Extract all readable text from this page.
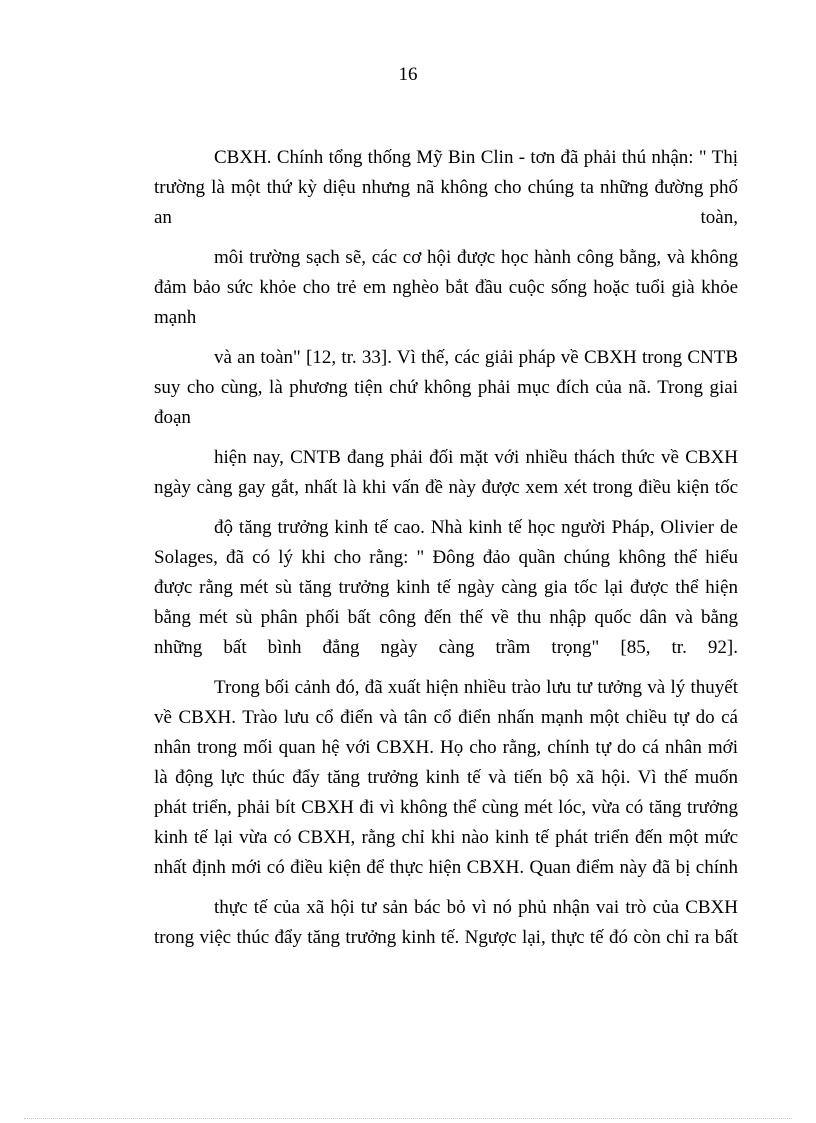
16
CBXH. Chính tổng thống Mỹ Bin Clin - tơn đã phải thú nhận: " Thị
trường là một thứ kỳ diệu nhưng nã không cho chúng ta những đường phố
an	toàn,
môi trường sạch sẽ, các cơ hội được học hành công bằng, và không
đảm bảo sức khỏe cho trẻ em nghèo bắt đầu cuộc sống hoặc tuổi già khỏe
mạnh
và an toàn" [12, tr. 33]. Vì thế, các giải pháp về CBXH trong CNTB
suy cho cùng, là phương tiện chứ không phải mục đích của nã. Trong giai
đoạn
hiện nay, CNTB đang phải đối mặt với nhiều thách thức về CBXH
ngày càng gay gắt, nhất là khi vấn đề này được xem xét trong điều kiện tốc
độ tăng trưởng kinh tế cao. Nhà kinh tế học người Pháp, Olivier de
Solages, đã có lý khi cho rằng: " Đông đảo quần chúng không thể hiểu
được rằng mét sù tăng trưởng kinh tế ngày càng gia tốc lại được thể hiện
bằng mét sù phân phối bất công đến thế về thu nhập quốc dân và bằng
những bất bình đẳng ngày càng trầm trọng" [85, tr. 92].
Trong bối cảnh đó, đã xuất hiện nhiều trào lưu tư tưởng và lý thuyết
về CBXH. Trào lưu cổ điển và tân cổ điển nhấn mạnh một chiều tự do cá
nhân trong mối quan hệ với CBXH. Họ cho rằng, chính tự do cá nhân mới
là động lực thúc đẩy tăng trưởng kinh tế và tiến bộ xã hội. Vì thế muốn
phát triển, phải bít CBXH đi vì không thể cùng mét lóc, vừa có tăng trưởng
kinh tế lại vừa có CBXH, rằng chỉ khi nào kinh tế phát triển đến một mức
nhất định mới có điều kiện để thực hiện CBXH. Quan điểm này đã bị chính
thực tế của xã hội tư sản bác bỏ vì nó phủ nhận vai trò của CBXH
trong việc thúc đẩy tăng trưởng kinh tế. Ngược lại, thực tế đó còn chỉ ra bất
